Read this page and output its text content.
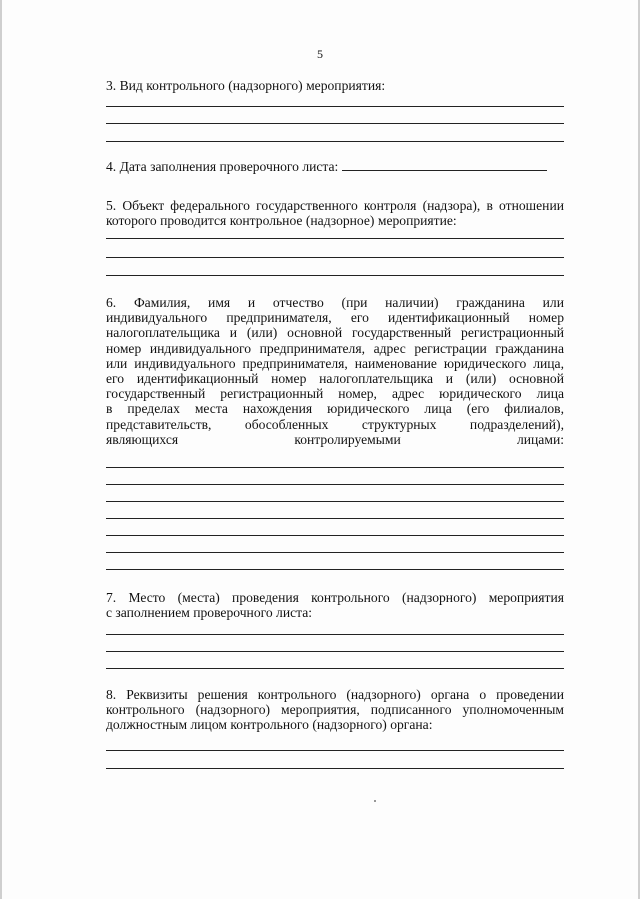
5

3. Вид контрольного (надзорного) мероприятия:

4. Дата заполнения проверочного листа:

5. Объект федерального государственного контроля (надзора), в отношении

которого проводится контрольное (надзорное) мероприятие:

6. Фамилия, имя и отчество (при наличии) гражданина или

индивидуального предпринимателя, его идентификационный номер

налогоплательщика и (или) основной государственный регистрационный

номер индивидуального предпринимателя, адрес регистрации гражданина

или индивидуального предпринимателя, наименование юридического лица,

его идентификационный номер налогоплательщика и (или) основной

государственный регистрационный номер, адрес юридического лица

в пределах места нахождения юридического лица (его филиалов,

представительств, обособленных структурных подразделений),

являющихся контролируемыми лицами:

7. Место (места) проведения контрольного (надзорного) мероприятия

с заполнением проверочного листа:

8. Реквизиты решения контрольного (надзорного) органа о проведении

контрольного (надзорного) мероприятия, подписанного уполномоченным

должностным лицом контрольного (надзорного) органа:
